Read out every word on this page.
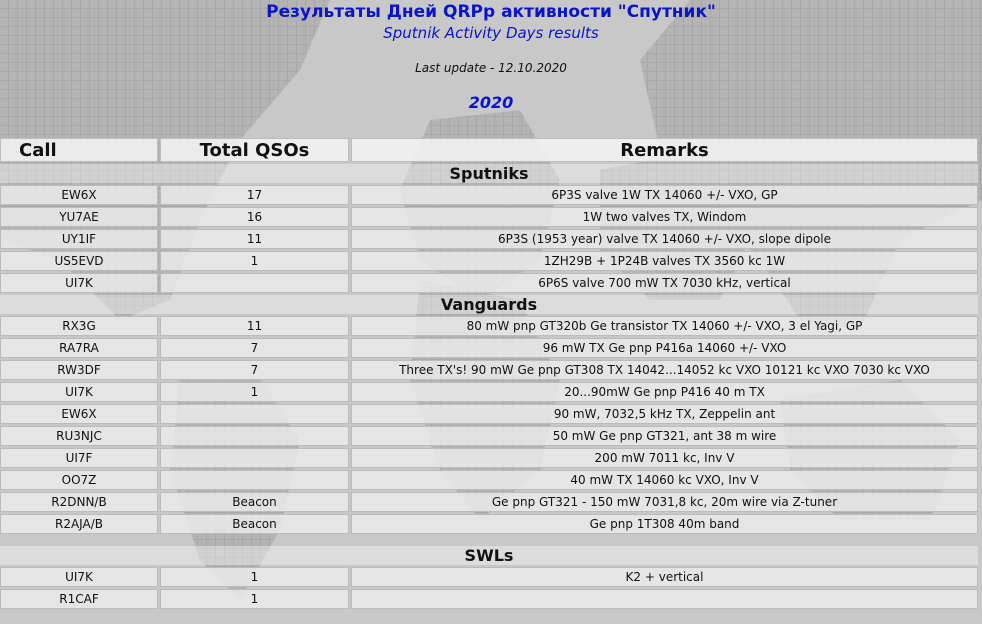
Результаты Дней QRPp активности "Спутник"
Sputnik Activity Days results
Last update - 12.10.2020
2020
Call	Total QSOs	Remarks
Sputniks		
EW6X	17	6P3S valve 1W TX 14060 +/- VXO, GP
YU7AE	16	1W two valves TX, Windom
UY1IF	11	6P3S (1953 year) valve TX 14060 +/- VXO, slope dipole
US5EVD	1	1ZH29B + 1P24B valves TX 3560 kc 1W
UI7K		6P6S valve 700 mW TX 7030 kHz, vertical
Vanguards		
RX3G	11	80 mW pnp GT320b Ge transistor TX 14060 +/- VXO, 3 el Yagi, GP
RA7RA	7	96 mW TX Ge pnp P416a 14060 +/- VXO
RW3DF	7	Three TX's! 90 mW Ge pnp GT308 TX 14042...14052 kc VXO 10121 kc VXO 7030 kc VXO
UI7K	1	20...90mW Ge pnp P416 40 m TX
EW6X		90 mW, 7032,5 kHz TX, Zeppelin ant
RU3NJC		50 mW Ge pnp GT321, ant 38 m wire
UI7F		200 mW 7011 kc, Inv V
OO7Z		40 mW TX 14060 kc VXO, Inv V
R2DNN/B	Beacon	Ge pnp GT321 - 150 mW 7031,8 kc, 20m wire via Z-tuner
R2AJA/B	Beacon	Ge pnp 1T308 40m band

SWLs		
UI7K	1	K2 + vertical
R1CAF	1	
